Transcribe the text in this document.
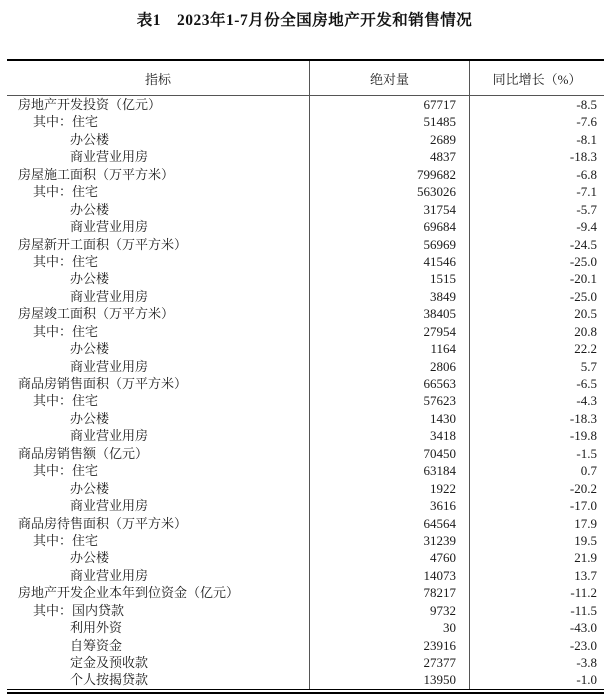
表1　2023年1-7月份全国房地产开发和销售情况
指标	绝对量	同比增长（%）
房地产开发投资（亿元）	67717	-8.5
其中：住宅	51485	-7.6
办公楼	2689	-8.1
商业营业用房	4837	-18.3
房屋施工面积（万平方米）	799682	-6.8
其中：住宅	563026	-7.1
办公楼	31754	-5.7
商业营业用房	69684	-9.4
房屋新开工面积（万平方米）	56969	-24.5
其中：住宅	41546	-25.0
办公楼	1515	-20.1
商业营业用房	3849	-25.0
房屋竣工面积（万平方米）	38405	20.5
其中：住宅	27954	20.8
办公楼	1164	22.2
商业营业用房	2806	5.7
商品房销售面积（万平方米）	66563	-6.5
其中：住宅	57623	-4.3
办公楼	1430	-18.3
商业营业用房	3418	-19.8
商品房销售额（亿元）	70450	-1.5
其中：住宅	63184	0.7
办公楼	1922	-20.2
商业营业用房	3616	-17.0
商品房待售面积（万平方米）	64564	17.9
其中：住宅	31239	19.5
办公楼	4760	21.9
商业营业用房	14073	13.7
房地产开发企业本年到位资金（亿元）	78217	-11.2
其中：国内贷款	9732	-11.5
利用外资	30	-43.0
自筹资金	23916	-23.0
定金及预收款	27377	-3.8
个人按揭贷款	13950	-1.0
